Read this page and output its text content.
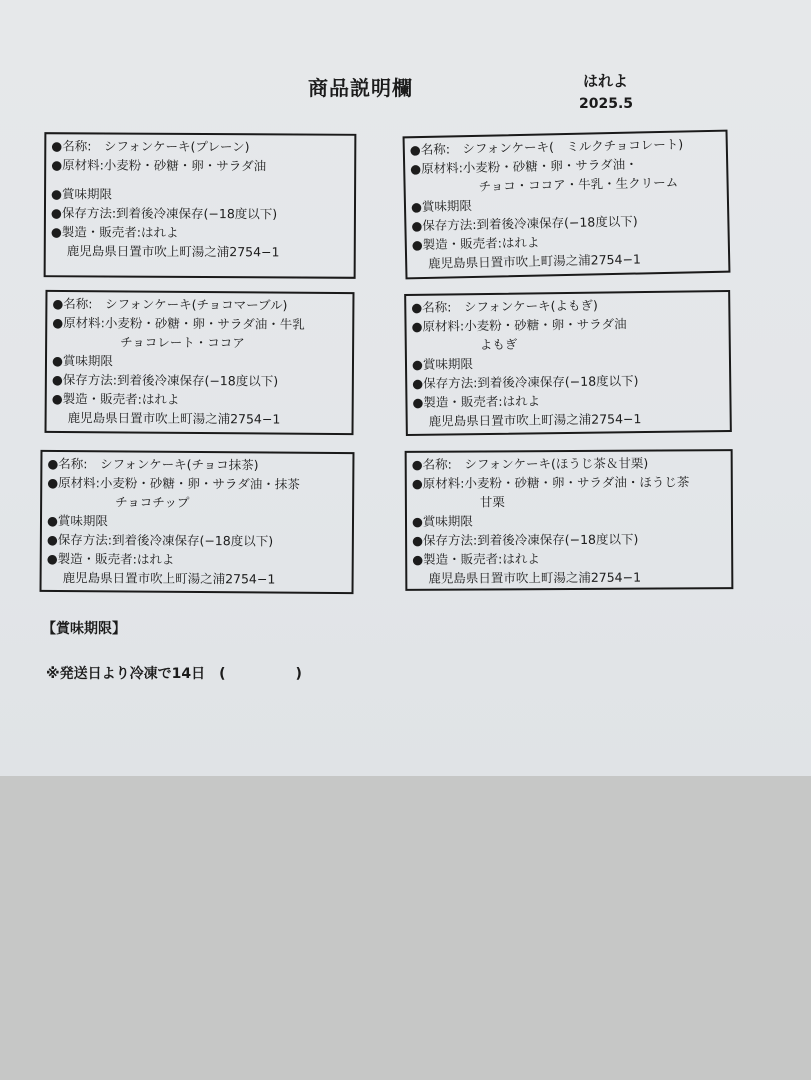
商品説明欄	はれよ
2025.5
●名称:　シフォンケーキ(プレーン)
●原材料:小麦粉・砂糖・卵・サラダ油
●賞味期限
●保存方法:到着後冷凍保存(−18度以下)
●製造・販売者:はれよ
鹿児島県日置市吹上町湯之浦2754−1
●名称:　シフォンケーキ(　ミルクチョコレート)
●原材料:小麦粉・砂糖・卵・サラダ油・
チョコ・ココア・牛乳・生クリーム
●賞味期限
●保存方法:到着後冷凍保存(−18度以下)
●製造・販売者:はれよ
鹿児島県日置市吹上町湯之浦2754−1
●名称:　シフォンケーキ(チョコマーブル)
●原材料:小麦粉・砂糖・卵・サラダ油・牛乳
チョコレート・ココア
●賞味期限
●保存方法:到着後冷凍保存(−18度以下)
●製造・販売者:はれよ
鹿児島県日置市吹上町湯之浦2754−1
●名称:　シフォンケーキ(よもぎ)
●原材料:小麦粉・砂糖・卵・サラダ油
よもぎ
●賞味期限
●保存方法:到着後冷凍保存(−18度以下)
●製造・販売者:はれよ
鹿児島県日置市吹上町湯之浦2754−1
●名称:　シフォンケーキ(チョコ抹茶)
●原材料:小麦粉・砂糖・卵・サラダ油・抹茶
チョコチップ
●賞味期限
●保存方法:到着後冷凍保存(−18度以下)
●製造・販売者:はれよ
鹿児島県日置市吹上町湯之浦2754−1
●名称:　シフォンケーキ(ほうじ茶＆甘栗)
●原材料:小麦粉・砂糖・卵・サラダ油・ほうじ茶
甘栗
●賞味期限
●保存方法:到着後冷凍保存(−18度以下)
●製造・販売者:はれよ
鹿児島県日置市吹上町湯之浦2754−1
【賞味期限】
※発送日より冷凍で14日　(　　　　　)
